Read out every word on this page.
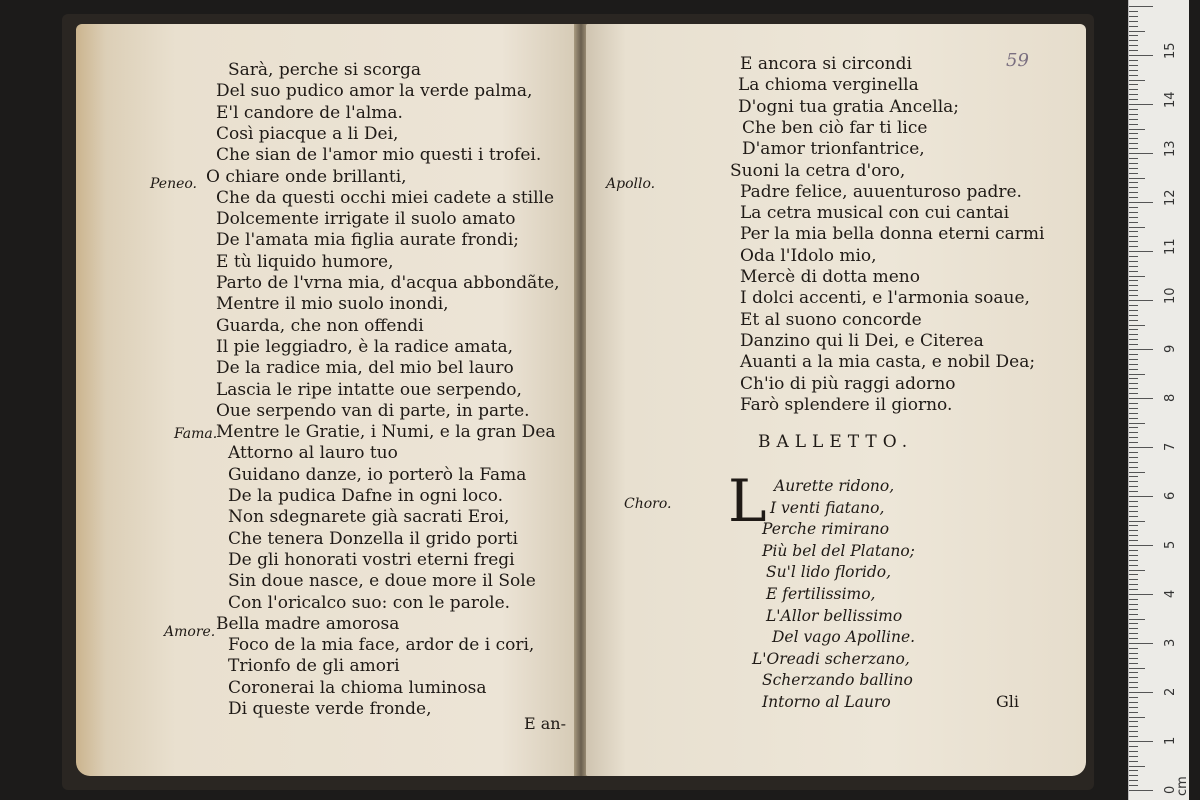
Sarà, perche si scorga
Del suo pudico amor la verde palma,
E'l candore de l'alma.
Così piacque a li Dei,
Che sian de l'amor mio questi i trofei.
O chiare onde brillanti,
Che da questi occhi miei cadete a stille
Dolcemente irrigate il suolo amato
De l'amata mia figlia aurate frondi;
E tù liquido humore,
Parto de l'vrna mia, d'acqua abbondãte,
Mentre il mio suolo inondi,
Guarda, che non offendi
Il pie leggiadro, è la radice amata,
De la radice mia, del mio bel lauro
Lascia le ripe intatte oue serpendo,
Oue serpendo van di parte, in parte.
Mentre le Gratie, i Numi, e la gran Dea
Attorno al lauro tuo
Guidano danze, io porterò la Fama
De la pudica Dafne in ogni loco.
Non sdegnarete già sacrati Eroi,
Che tenera Donzella il grido porti
De gli honorati vostri eterni fregi
Sin doue nasce, e doue more il Sole
Con l'oricalco suo: con le parole.
Bella madre amorosa
Foco de la mia face, ardor de i cori,
Trionfo de gli amori
Coronerai la chioma luminosa
Di queste verde fronde,
Peneo.
Fama.
Amore.
E an-
59
E ancora si circondi
La chioma verginella
D'ogni tua gratia Ancella;
Che ben ciò far ti lice
D'amor trionfantrice,
Suoni la cetra d'oro,
Padre felice, auuenturoso padre.
La cetra musical con cui cantai
Per la mia bella donna eterni carmi
Oda l'Idolo mio,
Mercè di dotta meno
I dolci accenti, e l'armonia soaue,
Et al suono concorde
Danzino qui li Dei, e Citerea
Auanti a la mia casta, e nobil Dea;
Ch'io di più raggi adorno
Farò splendere il giorno.
Apollo.
BALLETTO.
Choro. L Aurette ridono,
I venti fiatano,
Perche rimirano
Più bel del Platano;
Su'l lido florido,
E fertilissimo,
L'Allor bellissimo
Del vago Apolline.
L'Oreadi scherzano,
Scherzando ballino
Intorno al Lauro	Gli
0
1
2
3
4
5
6
7
8
9
10
11
12
13
14
15
cm
